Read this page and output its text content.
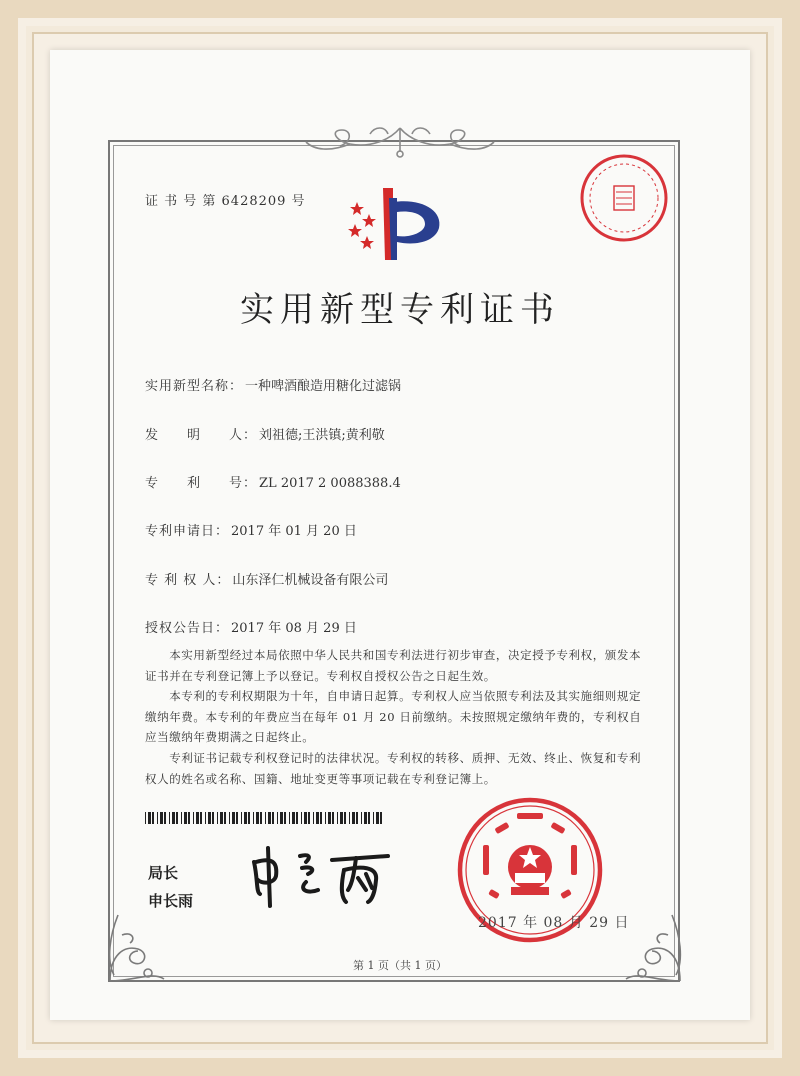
证 书 号 第 6428209 号
实用新型专利证书
实用新型名称： 一种啤酒酿造用糖化过滤锅
发　　明　　人： 刘祖德;王洪镇;黄利敬
专　　利　　号： ZL 2017 2 0088388.4
专利申请日： 2017 年 01 月 20 日
专 利 权 人： 山东泽仁机械设备有限公司
授权公告日： 2017 年 08 月 29 日
　　本实用新型经过本局依照中华人民共和国专利法进行初步审查，决定授予专利权，颁发本证书并在专利登记簿上予以登记。专利权自授权公告之日起生效。
　　本专利的专利权期限为十年，自申请日起算。专利权人应当依照专利法及其实施细则规定缴纳年费。本专利的年费应当在每年 01 月 20 日前缴纳。未按照规定缴纳年费的，专利权自应当缴纳年费期满之日起终止。
　　专利证书记载专利权登记时的法律状况。专利权的转移、质押、无效、终止、恢复和专利权人的姓名或名称、国籍、地址变更等事项记载在专利登记簿上。
局长
申长雨
2017 年 08 月 29 日
第 1 页（共 1 页）
